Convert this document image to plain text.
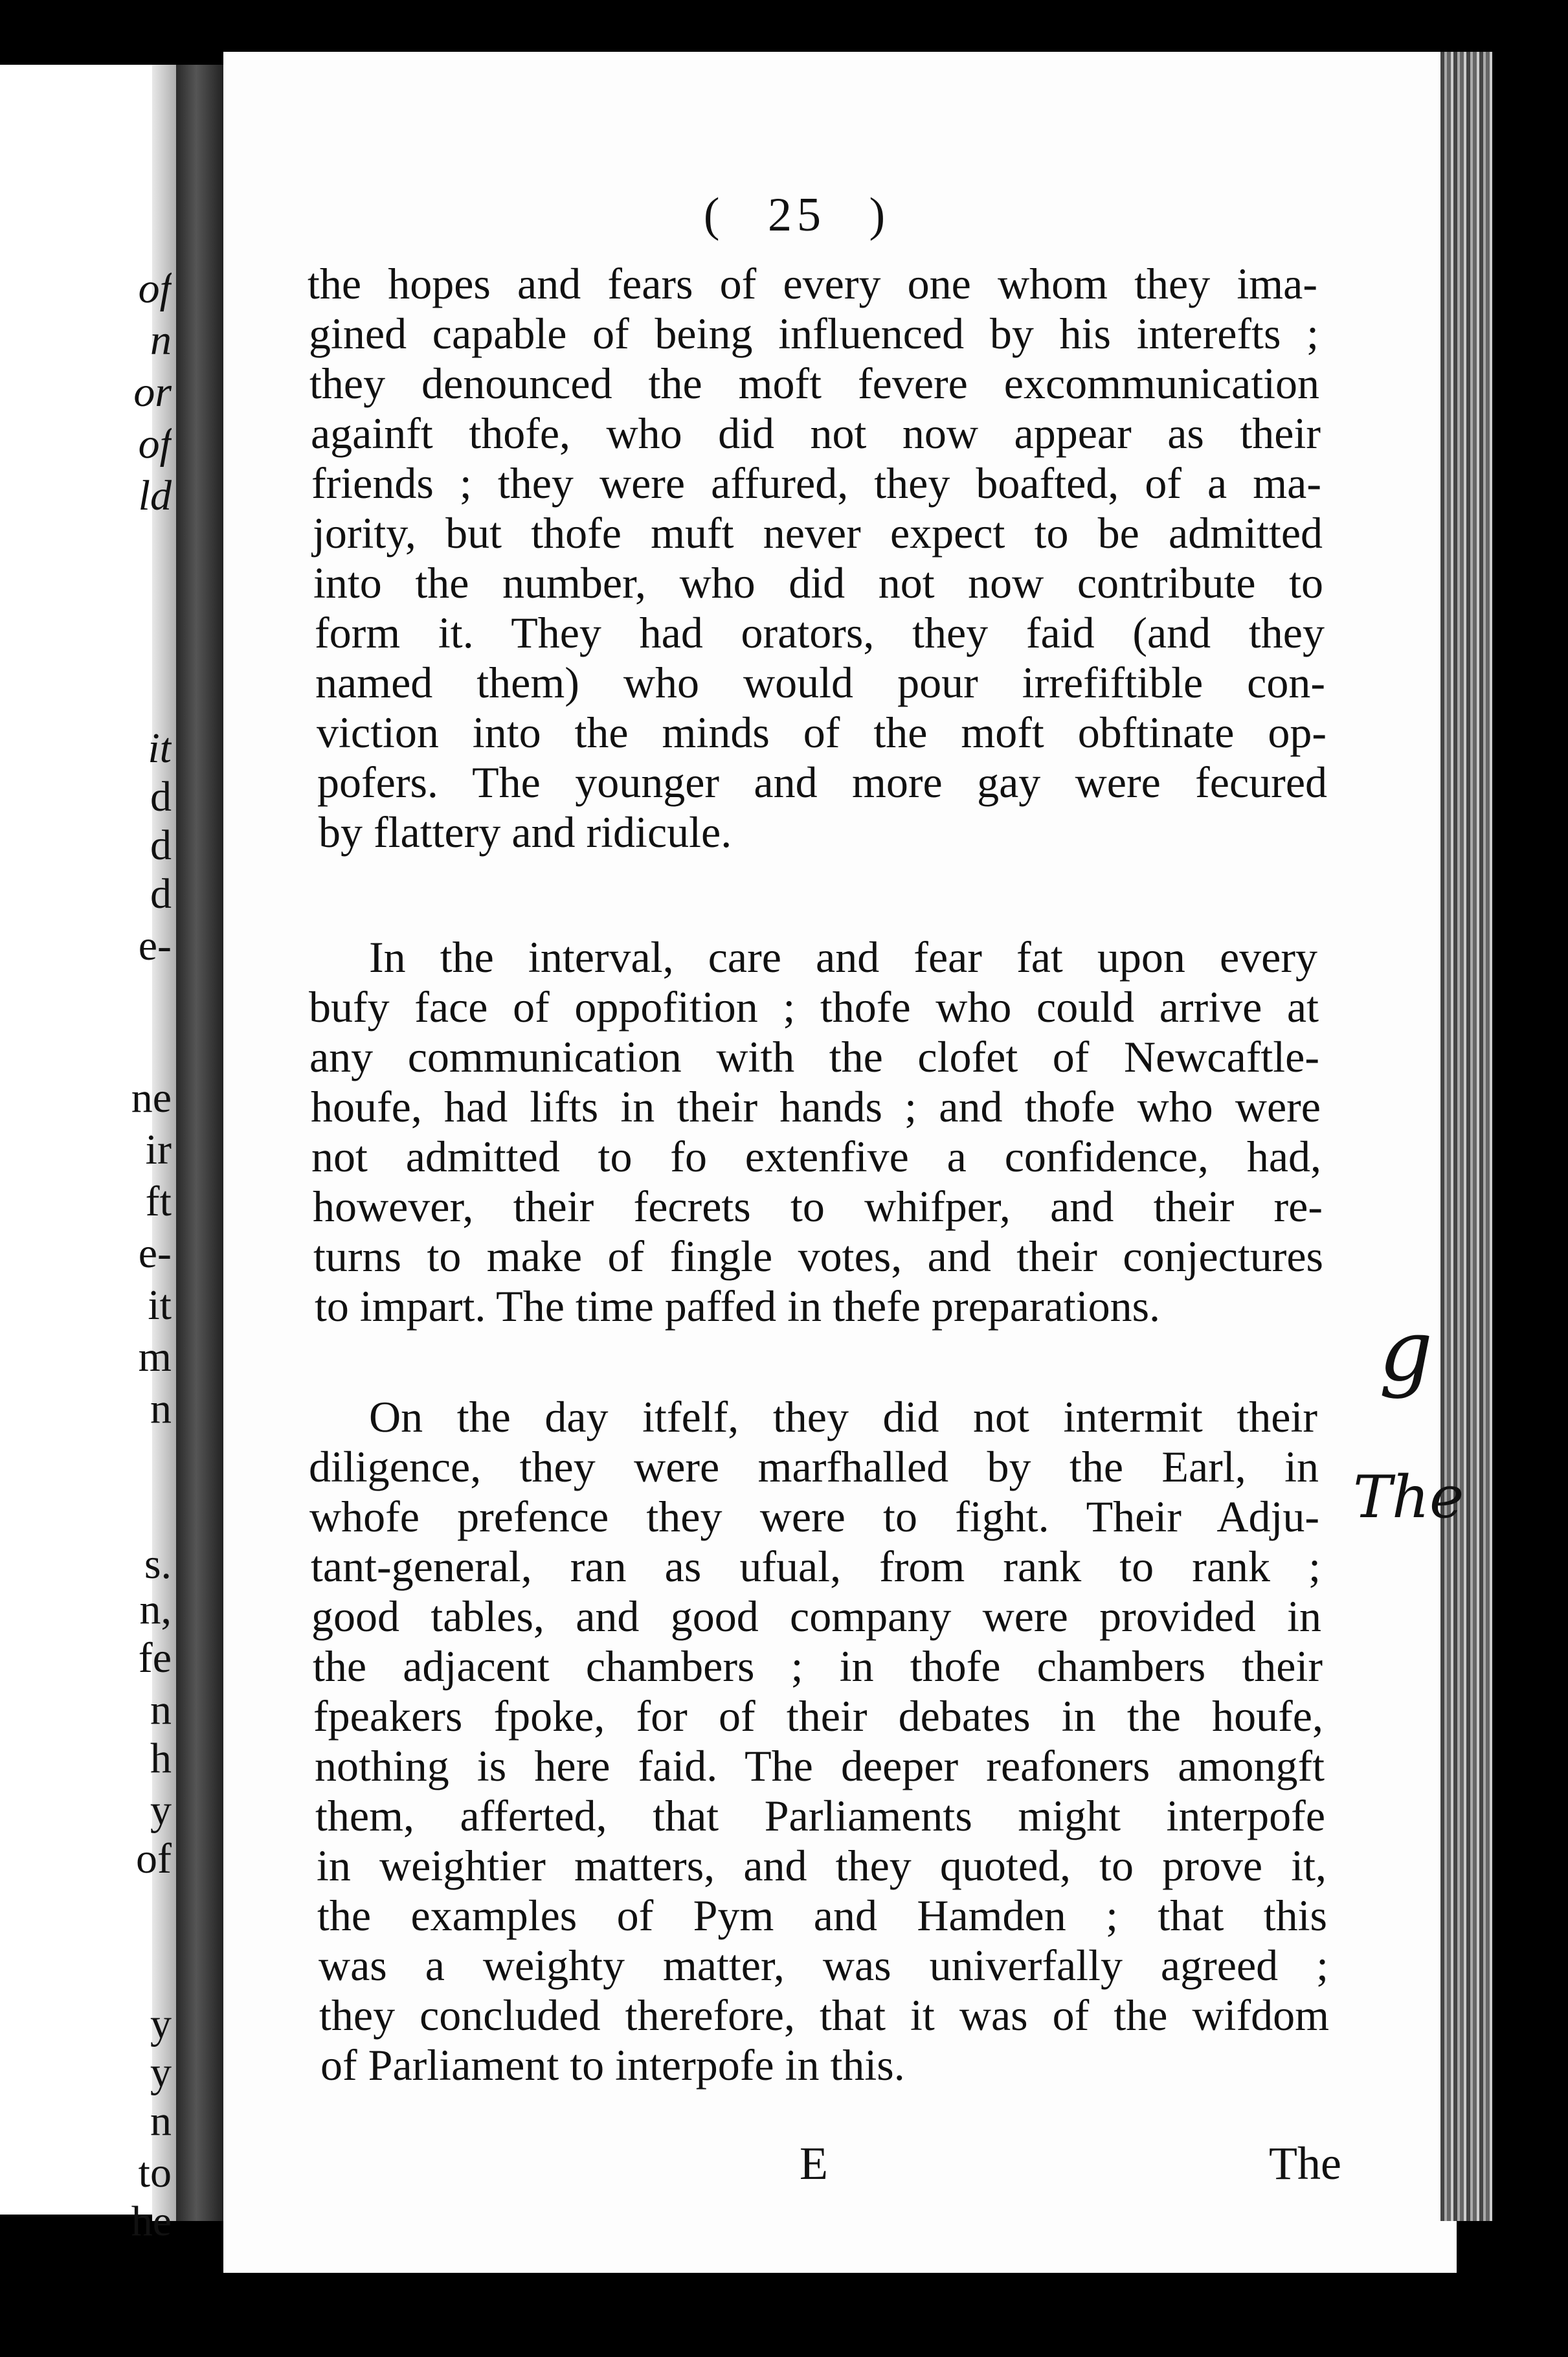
of
n
or
of
ld
it
d
d
d
e-
ne
ir
ft
e-
it
m
n
s.
n,
fe
n
h
y
of
y
y
n
to
he
( 25 )
the hopes and fears of every one whom they ima-
gined capable of being influenced by his interefts ;
they denounced the moft fevere excommunication
againft thofe, who did not now appear as their
friends ; they were affured, they boafted, of a ma-
jority, but thofe muft never expect to be admitted
into the number, who did not now contribute to
form it. They had orators, they faid (and they
named them) who would pour irrefiftible con-
viction into the minds of the moft obftinate op-
pofers. The younger and more gay were fecured
by flattery and ridicule.
In the interval, care and fear fat upon every
bufy face of oppofition ; thofe who could arrive at
any communication with the clofet of Newcaftle-
houfe, had lifts in their hands ; and thofe who were
not admitted to fo extenfive a confidence, had,
however, their fecrets to whifper, and their re-
turns to make of fingle votes, and their conjectures
to impart. The time paffed in thefe preparations.
On the day itfelf, they did not intermit their
diligence, they were marfhalled by the Earl, in
whofe prefence they were to fight. Their Adju-
tant-general, ran as ufual, from rank to rank ;
good tables, and good company were provided in
the adjacent chambers ; in thofe chambers their
fpeakers fpoke, for of their debates in the houfe,
nothing is here faid. The deeper reafoners amongft
them, afferted, that Parliaments might interpofe
in weightier matters, and they quoted, to prove it,
the examples of Pym and Hamden ; that this
was a weighty matter, was univerfally agreed ;
they concluded therefore, that it was of the wifdom
of Parliament to interpofe in this.
E	The
g
The
